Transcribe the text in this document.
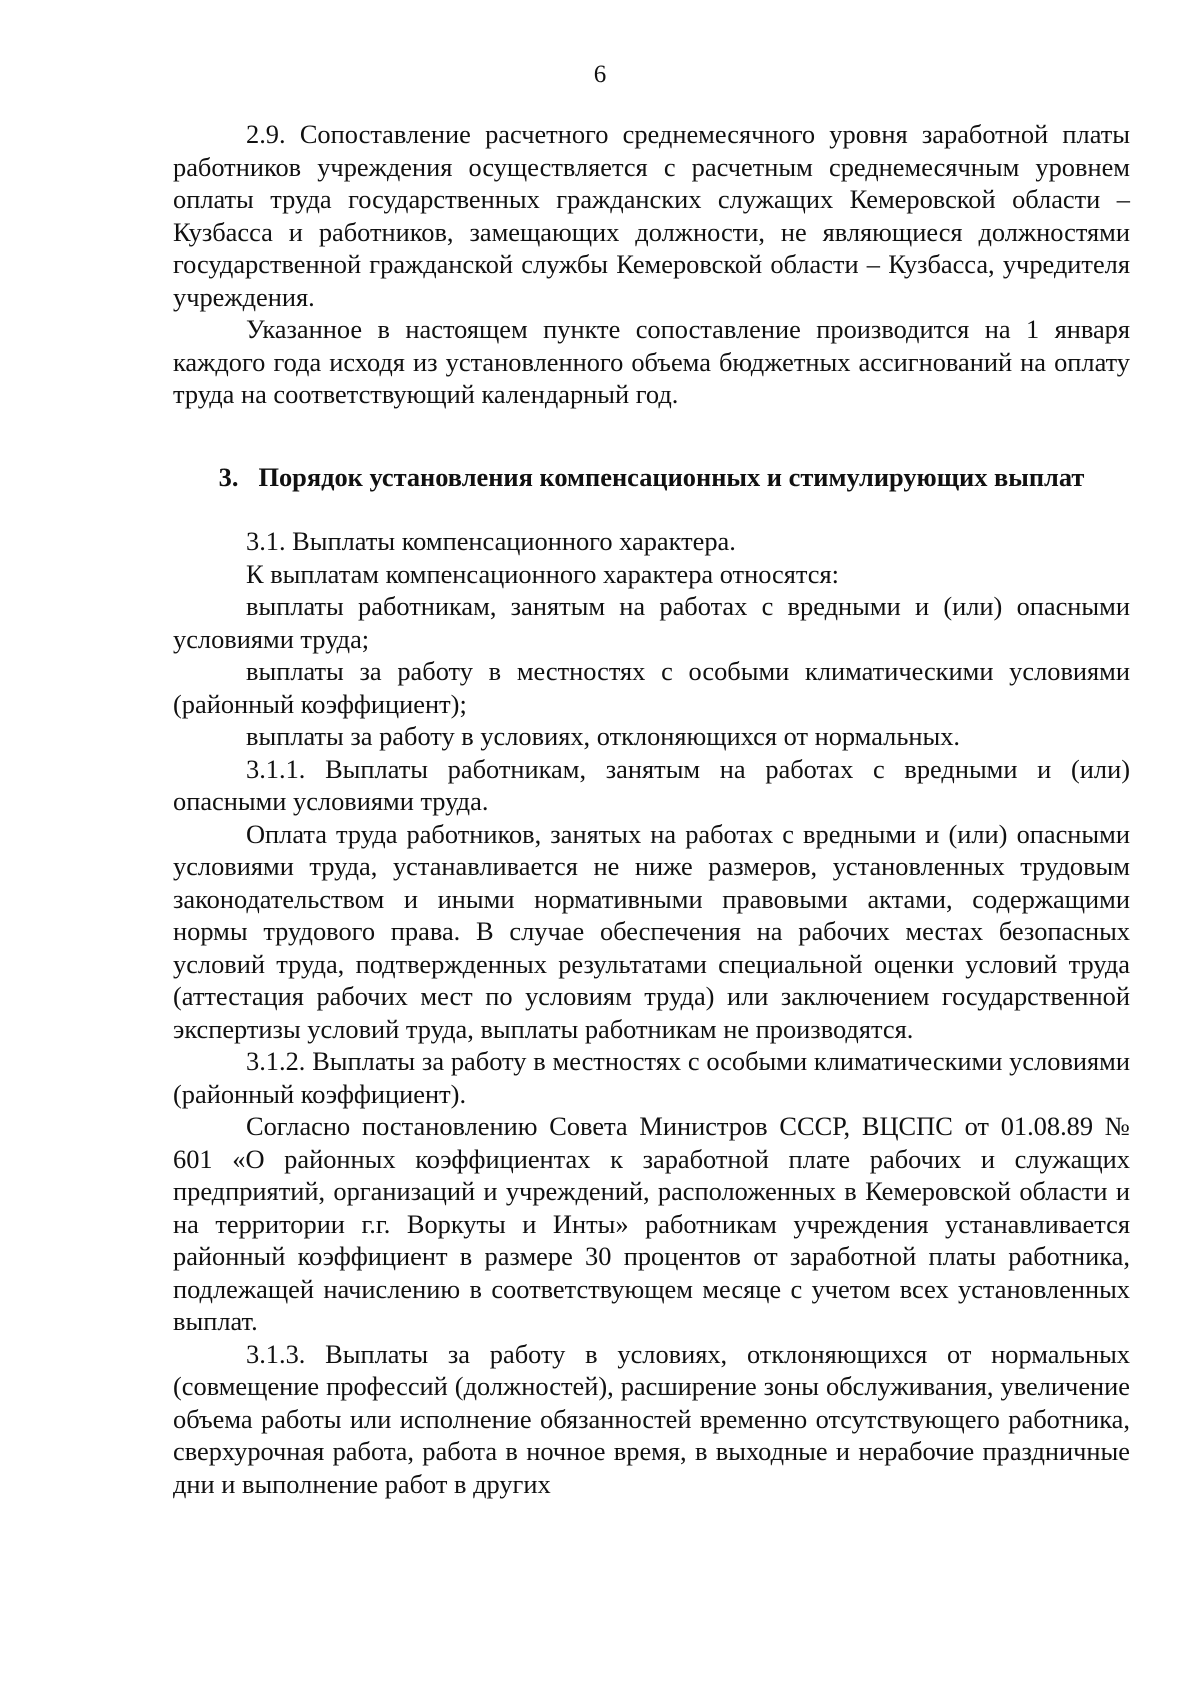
6

2.9. Сопоставление расчетного среднемесячного уровня заработной платы работников учреждения осуществляется с расчетным среднемесячным уровнем оплаты труда государственных гражданских служащих Кемеровской области – Кузбасса и работников, замещающих должности, не являющиеся должностями государственной гражданской службы Кемеровской области – Кузбасса, учредителя учреждения.

Указанное в настоящем пункте сопоставление производится на 1 января каждого года исходя из установленного объема бюджетных ассигнований на оплату труда на соответствующий календарный год.

3. Порядок установления компенсационных и стимулирующих выплат

3.1. Выплаты компенсационного характера.

К выплатам компенсационного характера относятся:

выплаты работникам, занятым на работах с вредными и (или) опасными условиями труда;

выплаты за работу в местностях с особыми климатическими условиями (районный коэффициент);

выплаты за работу в условиях, отклоняющихся от нормальных.

3.1.1. Выплаты работникам, занятым на работах с вредными и (или) опасными условиями труда.

Оплата труда работников, занятых на работах с вредными и (или) опасными условиями труда, устанавливается не ниже размеров, установленных трудовым законодательством и иными нормативными правовыми актами, содержащими нормы трудового права. В случае обеспечения на рабочих местах безопасных условий труда, подтвержденных результатами специальной оценки условий труда (аттестация рабочих мест по условиям труда) или заключением государственной экспертизы условий труда, выплаты работникам не производятся.

3.1.2. Выплаты за работу в местностях с особыми климатическими условиями (районный коэффициент).

Согласно постановлению Совета Министров СССР, ВЦСПС от 01.08.89 № 601 «О районных коэффициентах к заработной плате рабочих и служащих предприятий, организаций и учреждений, расположенных в Кемеровской области и на территории г.г. Воркуты и Инты» работникам учреждения устанавливается районный коэффициент в размере 30 процентов от заработной платы работника, подлежащей начислению в соответствующем месяце с учетом всех установленных выплат.

3.1.3. Выплаты за работу в условиях, отклоняющихся от нормальных (совмещение профессий (должностей), расширение зоны обслуживания, увеличение объема работы или исполнение обязанностей временно отсутствующего работника, сверхурочная работа, работа в ночное время, в выходные и нерабочие праздничные дни и выполнение работ в других
